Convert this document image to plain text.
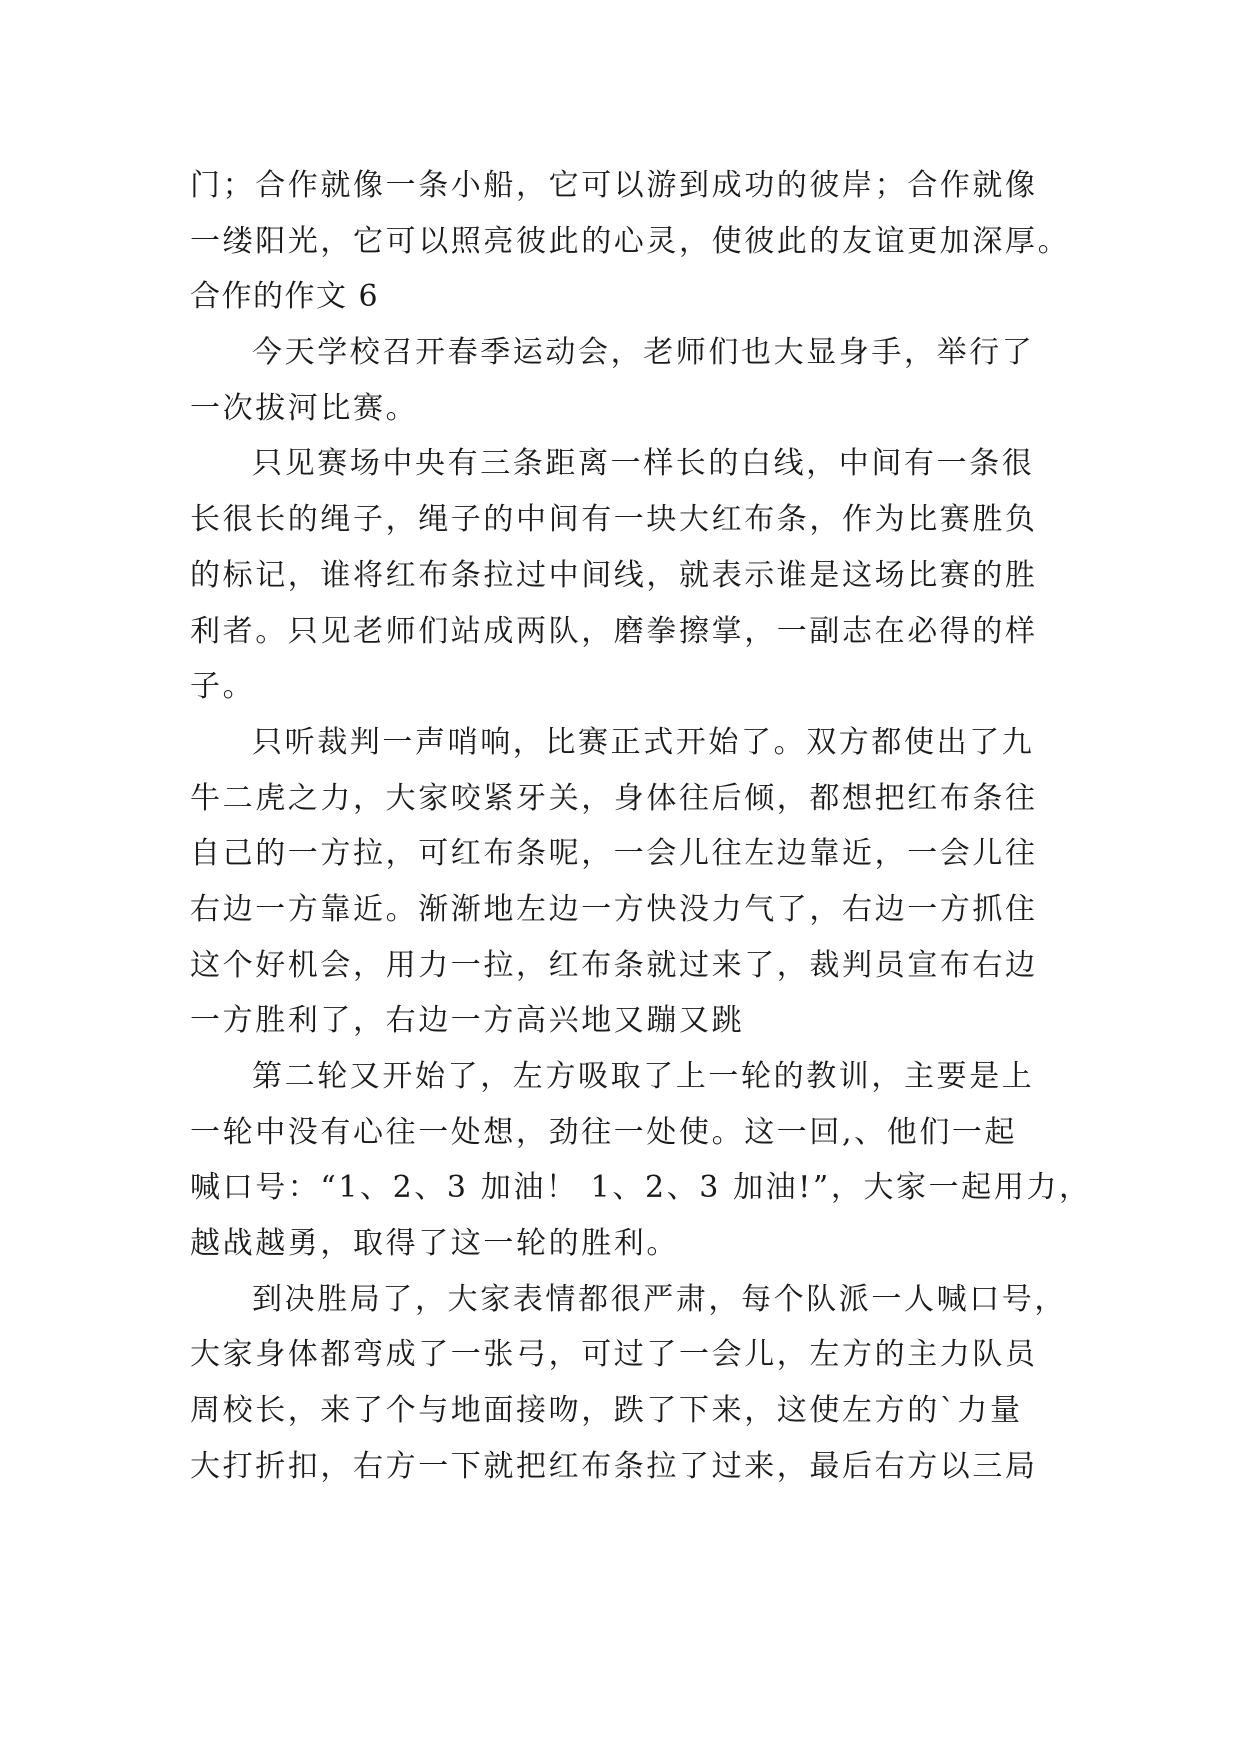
门；合作就像一条小船，它可以游到成功的彼岸；合作就像
一缕阳光，它可以照亮彼此的心灵，使彼此的友谊更加深厚。
合作的作文 6
今天学校召开春季运动会，老师们也大显身手，举行了
一次拔河比赛。
只见赛场中央有三条距离一样长的白线，中间有一条很
长很长的绳子，绳子的中间有一块大红布条，作为比赛胜负
的标记，谁将红布条拉过中间线，就表示谁是这场比赛的胜
利者。只见老师们站成两队，磨拳擦掌，一副志在必得的样
子。
只听裁判一声哨响，比赛正式开始了。双方都使出了九
牛二虎之力，大家咬紧牙关，身体往后倾，都想把红布条往
自己的一方拉，可红布条呢，一会儿往左边靠近，一会儿往
右边一方靠近。渐渐地左边一方快没力气了，右边一方抓住
这个好机会，用力一拉，红布条就过来了，裁判员宣布右边
一方胜利了，右边一方高兴地又蹦又跳
第二轮又开始了，左方吸取了上一轮的教训，主要是上
一轮中没有心往一处想，劲往一处使。这一回,、他们一起
喊口号：“1、2、3 加油！ 1、2、3 加油!”，大家一起用力，
越战越勇，取得了这一轮的胜利。
到决胜局了，大家表情都很严肃，每个队派一人喊口号，
大家身体都弯成了一张弓，可过了一会儿，左方的主力队员
周校长，来了个与地面接吻，跌了下来，这使左方的`力量
大打折扣，右方一下就把红布条拉了过来，最后右方以三局
